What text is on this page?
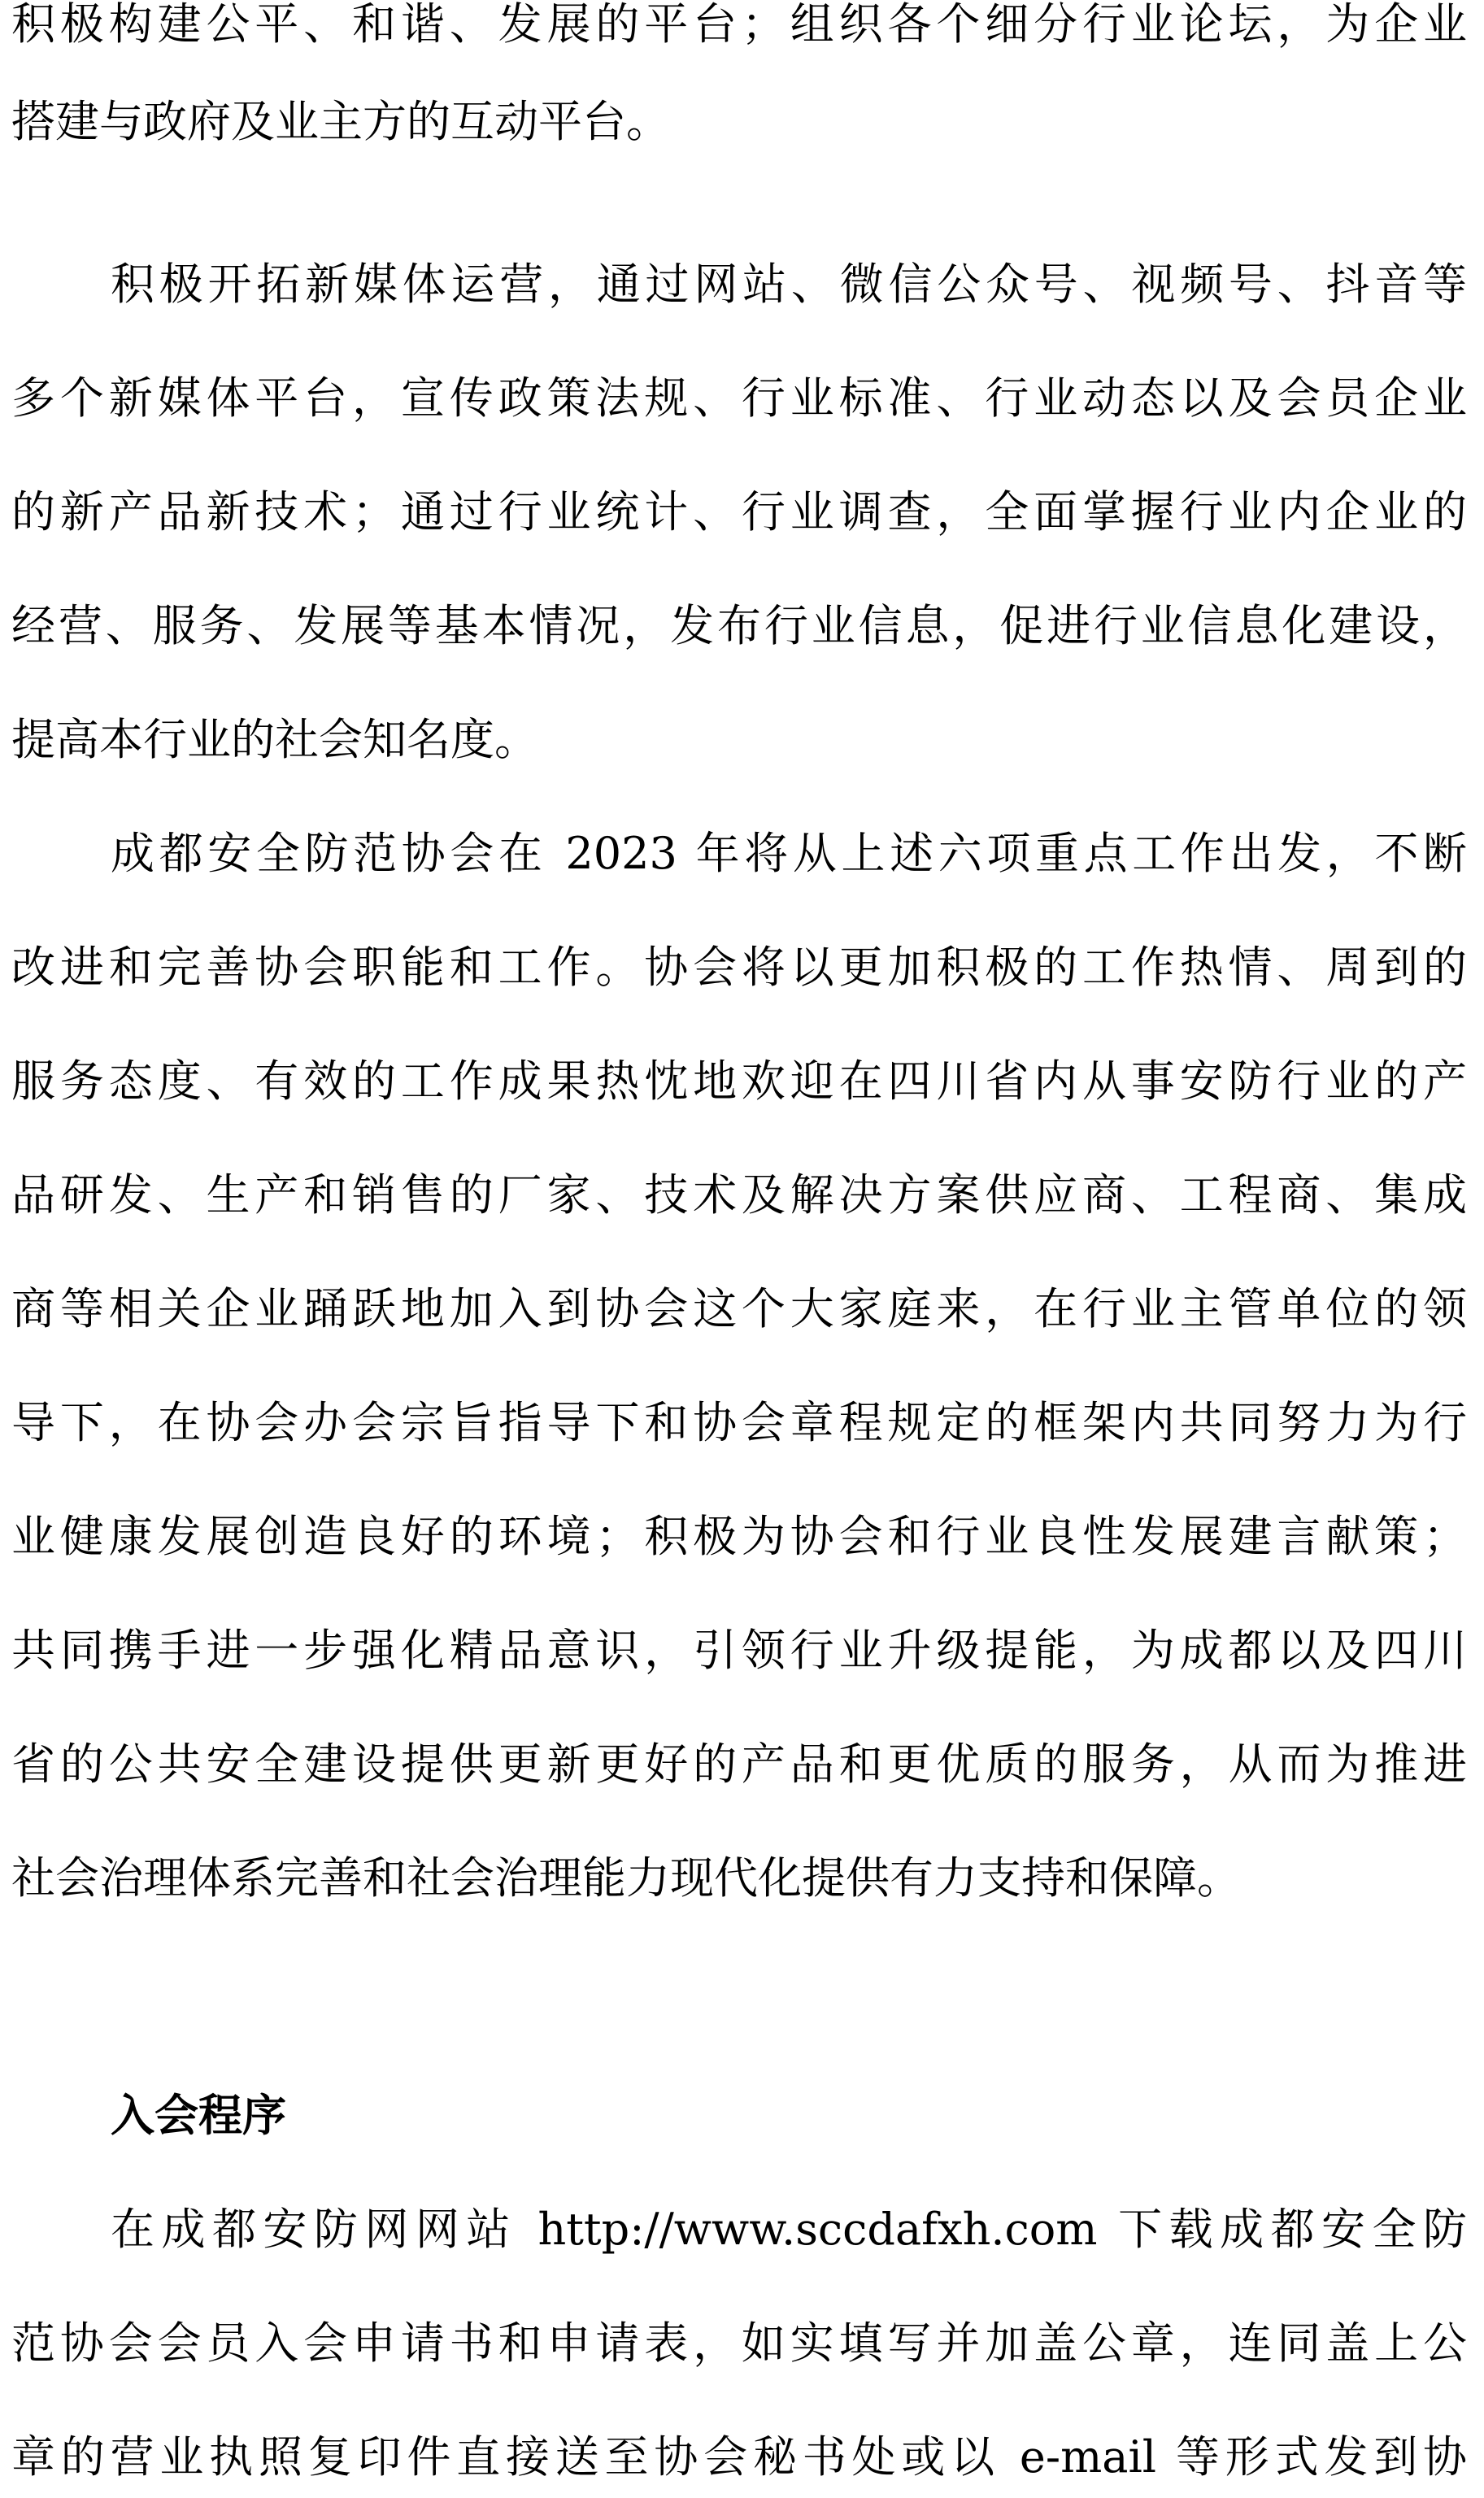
积极构建公平、和谐、发展的平台；组织各个细分行业论坛，为企业
搭建与政府及业主方的互动平台。
积极开拓新媒体运营，通过网站、微信公众号、视频号、抖音等
多个新媒体平台，宣传政策法规、行业标准、行业动态以及会员企业
的新产品新技术；通过行业统计、行业调查，全面掌握行业内企业的
经营、服务、发展等基本情况，发布行业信息，促进行业信息化建设，
提高本行业的社会知名度。
成都安全防范协会在 2023 年将从上述六项重点工作出发，不断
改进和完善协会职能和工作。协会将以更加积极的工作热情、周到的
服务态度、有效的工作成果热忱地欢迎在四川省内从事安防行业的产
品研发、生产和销售的厂家、技术及解决方案供应商、工程商、集成
商等相关企业踊跃地加入到协会这个大家庭来，在行业主管单位的领
导下，在协会办会宗旨指导下和协会章程规定的框架内共同努力为行
业健康发展创造良好的环境；积极为协会和行业良性发展建言献策；
共同携手进一步强化精品意识，引领行业升级提能，为成都以及四川
省的公共安全建设提供更新更好的产品和更优质的服务，从而为推进
社会治理体系完善和社会治理能力现代化提供有力支持和保障。
入会程序
在成都安防网网站 http://www.sccdafxh.com 下载成都安全防
范协会会员入会申请书和申请表，如实填写并加盖公章，连同盖上公
章的营业执照复印件直接送至协会秘书处或以 e-mail 等形式发到协
